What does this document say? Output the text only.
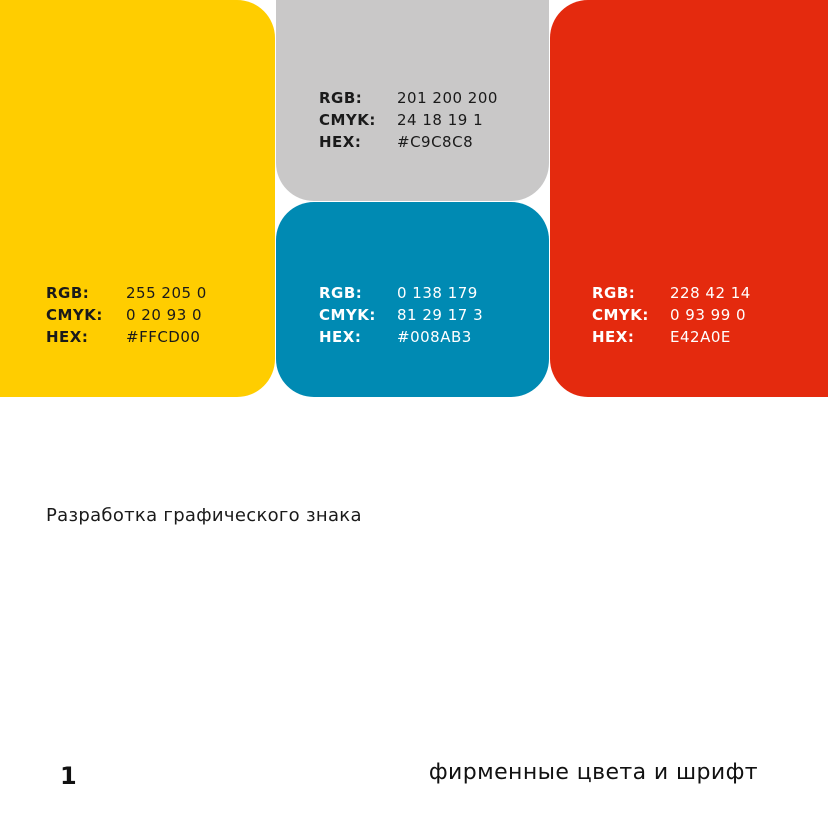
RGB:	255 205 0
CMYK:	0 20 93 0
HEX:	#FFCD00
RGB:	201 200 200
CMYK:	24 18 19 1
HEX:	#C9C8C8
RGB:	0 138 179
CMYK:	81 29 17 3
HEX:	#008AB3
RGB:	228 42 14
CMYK:	0 93 99 0
HEX:	E42A0E
Разработка графического знака
1	фирменные цвета и шрифт
